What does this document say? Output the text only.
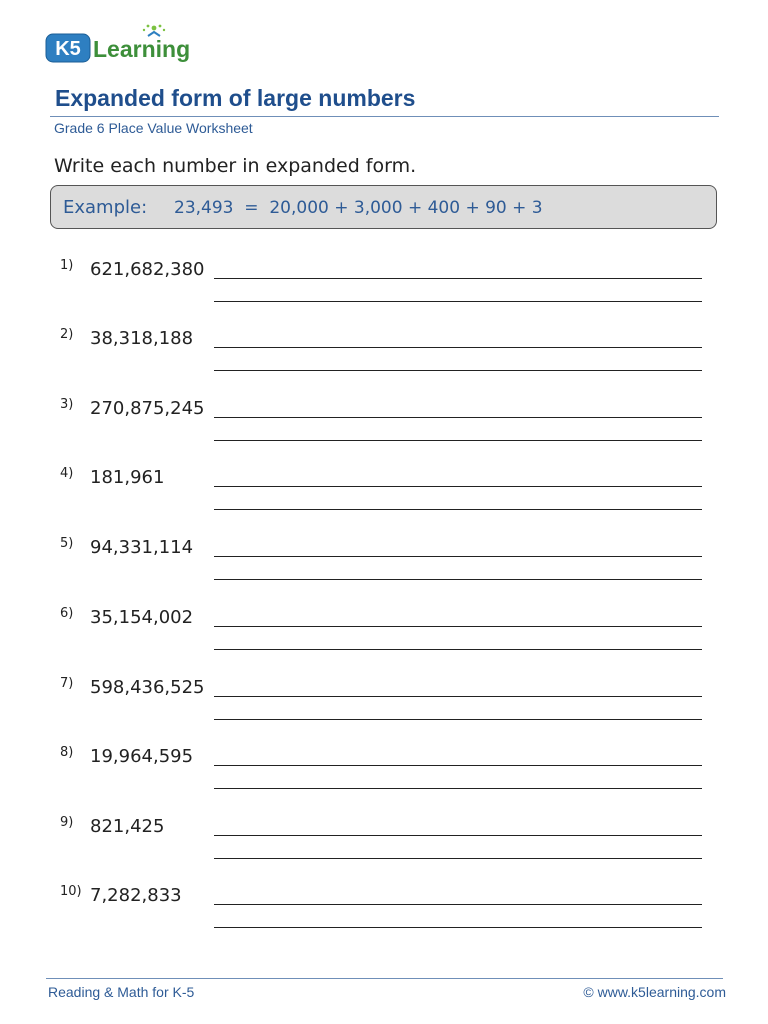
K5 Learning
Expanded form of large numbers
Grade 6 Place Value Worksheet
Write each number in expanded form.
Example: 23,493  =  20,000 + 3,000 + 400 + 90 + 3
1) 621,682,380
2) 38,318,188
3) 270,875,245
4) 181,961
5) 94,331,114
6) 35,154,002
7) 598,436,525
8) 19,964,595
9) 821,425
10) 7,282,833
Reading & Math for K-5	© www.k5learning.com
